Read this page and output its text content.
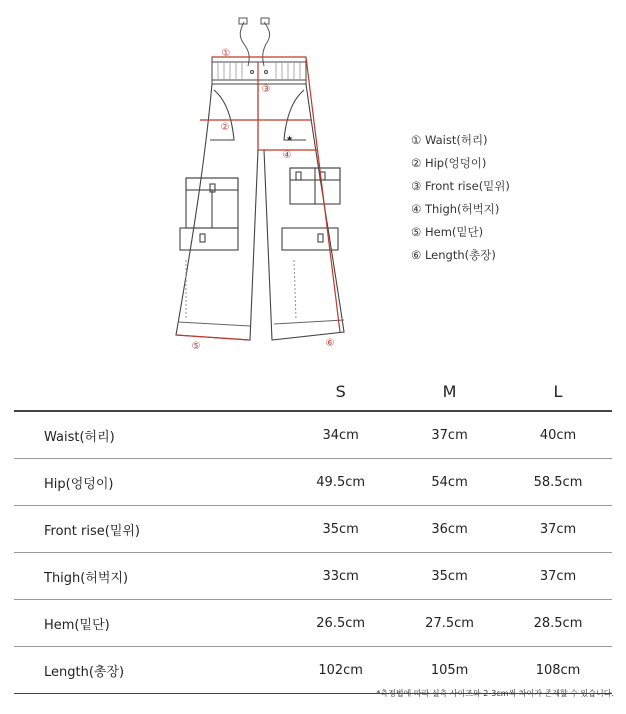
①
②
③
④
⑤	⑥
★	① Waist(허리)
② Hip(엉덩이)
③ Front rise(밑위)
④ Thigh(허벅지)
⑤ Hem(밑단)
⑥ Length(총장)
	S	M	L
Waist(허리)	34cm	37cm	40cm
Hip(엉덩이)	49.5cm	54cm	58.5cm
Front rise(밑위)	35cm	36cm	37cm
Thigh(허벅지)	33cm	35cm	37cm
Hem(밑단)	26.5cm	27.5cm	28.5cm
Length(총장)	102cm	105m	108cm
*측정법에 따라 실측 사이즈와 2-3cm씩 차이가 존재할 수 있습니다.
